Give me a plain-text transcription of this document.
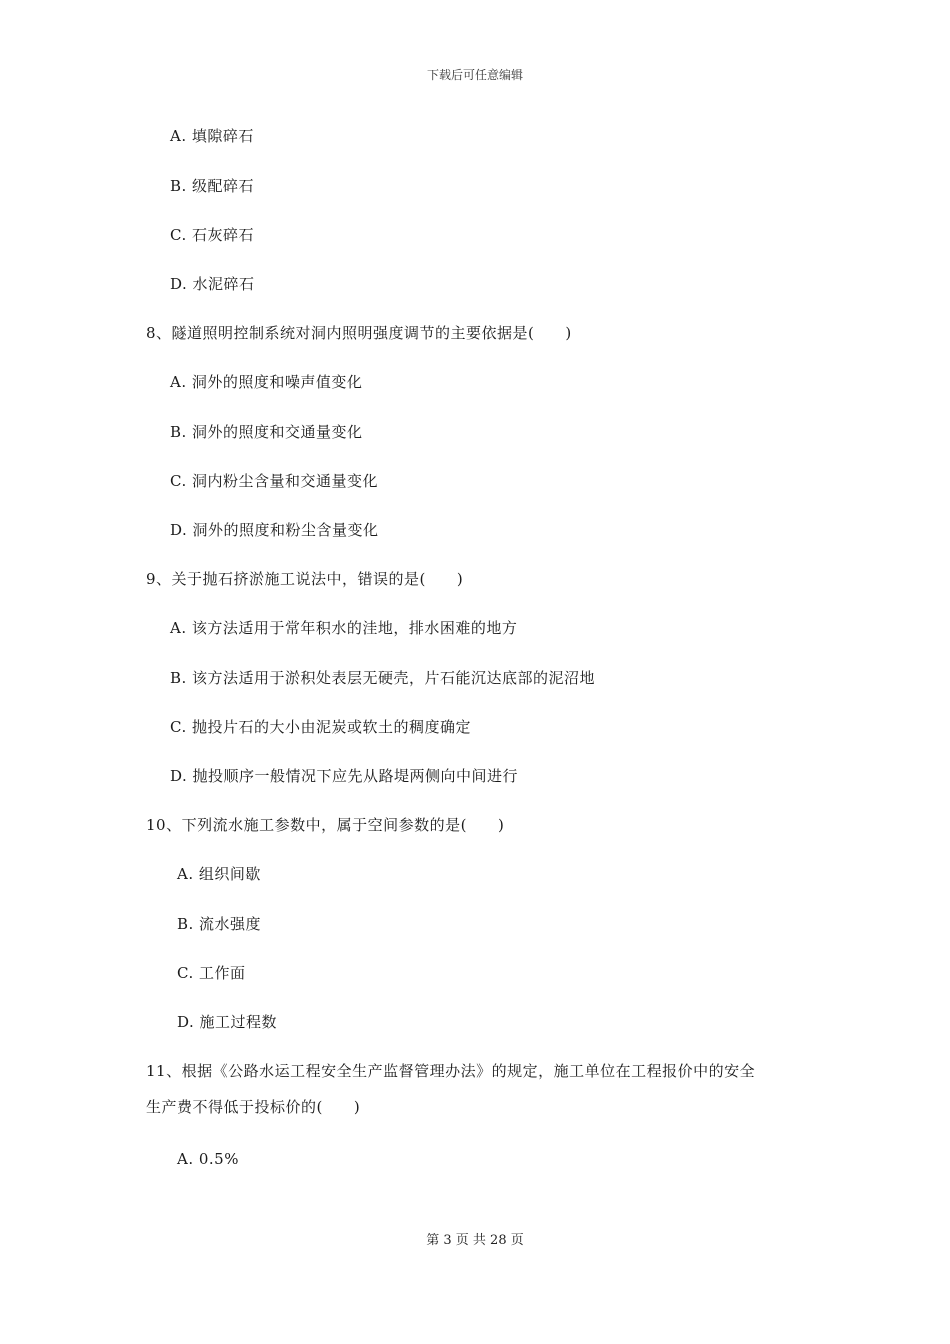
下载后可任意编辑
A. 填隙碎石
B. 级配碎石
C. 石灰碎石
D. 水泥碎石
8、隧道照明控制系统对洞内照明强度调节的主要依据是(　　)
A. 洞外的照度和噪声值变化
B. 洞外的照度和交通量变化
C. 洞内粉尘含量和交通量变化
D. 洞外的照度和粉尘含量变化
9、关于抛石挤淤施工说法中，错误的是(　　)
A. 该方法适用于常年积水的洼地，排水困难的地方
B. 该方法适用于淤积处表层无硬壳，片石能沉达底部的泥沼地
C. 抛投片石的大小由泥炭或软土的稠度确定
D. 抛投顺序一般情况下应先从路堤两侧向中间进行
10、下列流水施工参数中，属于空间参数的是(　　)
A. 组织间歇
B. 流水强度
C. 工作面
D. 施工过程数
11、根据《公路水运工程安全生产监督管理办法》的规定，施工单位在工程报价中的安全
生产费不得低于投标价的(　　)
A. 0.5%
第 3 页 共 28 页
